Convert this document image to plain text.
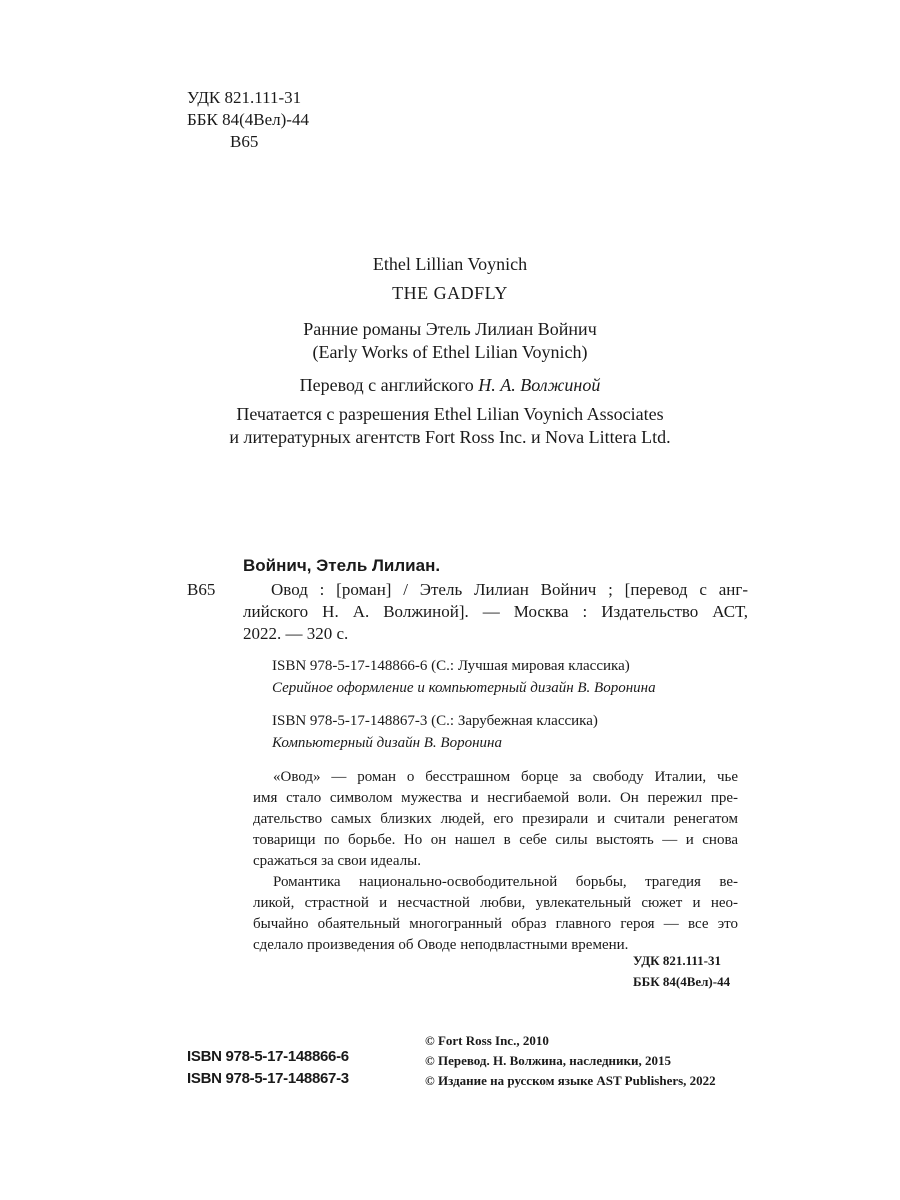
УДК 821.111-31
ББК 84(4Вел)-44
В65
Ethel Lillian Voynich
THE GADFLY
Ранние романы Этель Лилиан Войнич
(Early Works of Ethel Lilian Voynich)
Перевод с английского Н. А. Волжиной
Печатается с разрешения Ethel Lilian Voynich Associates
и литературных агентств Fort Ross Inc. и Nova Littera Ltd.
Войнич, Этель Лилиан.
В65	Овод : [роман] / Этель Лилиан Войнич ; [перевод с анг-
лийского Н. А. Волжиной]. — Москва : Издательство АСТ,
2022. — 320 с.
ISBN 978-5-17-148866-6 (С.: Лучшая мировая классика)
Серийное оформление и компьютерный дизайн В. Воронина
ISBN 978-5-17-148867-3 (С.: Зарубежная классика)
Компьютерный дизайн В. Воронина
«Овод» — роман о бесстрашном борце за свободу Италии, чье
имя стало символом мужества и несгибаемой воли. Он пережил пре-
дательство самых близких людей, его презирали и считали ренегатом
товарищи по борьбе. Но он нашел в себе силы выстоять — и снова
сражаться за свои идеалы.
Романтика национально-освободительной борьбы, трагедия ве-
ликой, страстной и несчастной любви, увлекательный сюжет и нео-
бычайно обаятельный многогранный образ главного героя — все это
сделало произведения об Оводе неподвластными времени.
УДК 821.111-31
ББК 84(4Вел)-44
ISBN 978-5-17-148866-6
ISBN 978-5-17-148867-3
© Fort Ross Inc., 2010
© Перевод. Н. Волжина, наследники, 2015
© Издание на русском языке AST Publishers, 2022
